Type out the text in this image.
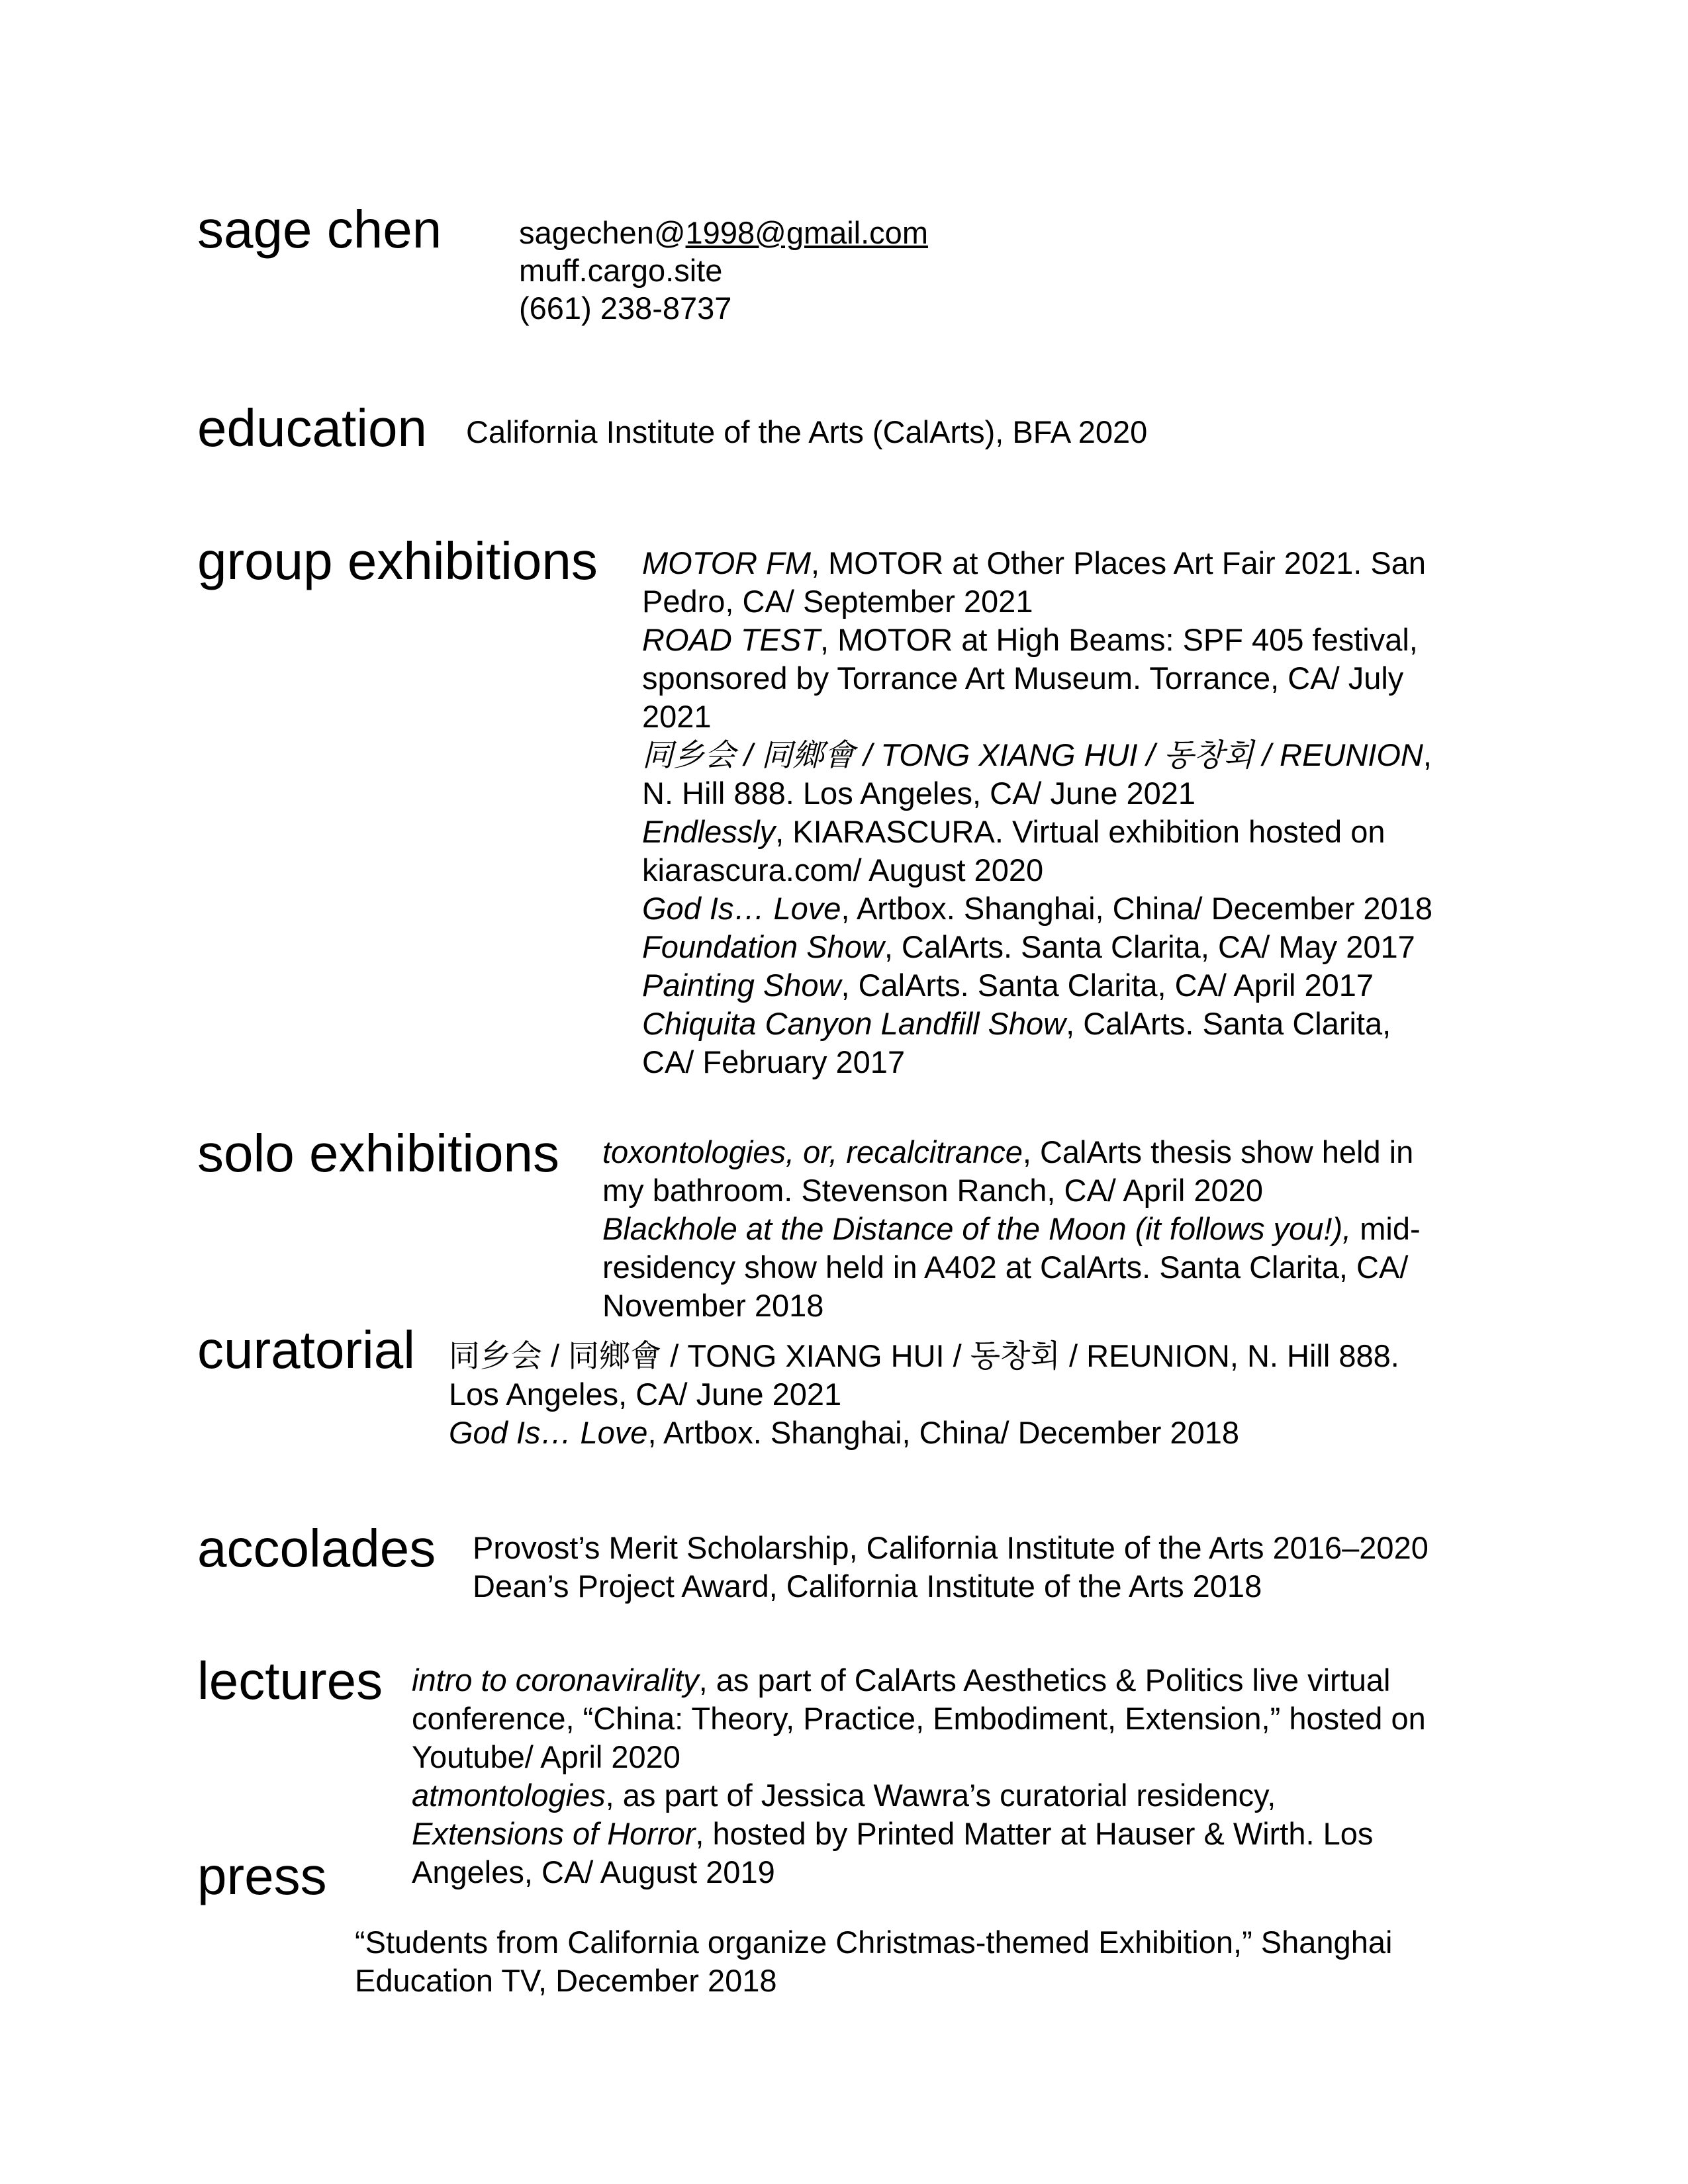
sage chen sagechen@1998@gmail.com
muff.cargo.site
(661) 238-8737
education California Institute of the Arts (CalArts), BFA 2020
group exhibitions MOTOR FM, MOTOR at Other Places Art Fair 2021. San
Pedro, CA/ September 2021
ROAD TEST, MOTOR at High Beams: SPF 405 festival,
sponsored by Torrance Art Museum. Torrance, CA/ July
2021
同乡会 / 同鄉會 / TONG XIANG HUI / 동창회 / REUNION,
N. Hill 888. Los Angeles, CA/ June 2021
Endlessly, KIARASCURA. Virtual exhibition hosted on
kiarascura.com/ August 2020
God Is… Love, Artbox. Shanghai, China/ December 2018
Foundation Show, CalArts. Santa Clarita, CA/ May 2017
Painting Show, CalArts. Santa Clarita, CA/ April 2017
Chiquita Canyon Landfill Show, CalArts. Santa Clarita,
CA/ February 2017
solo exhibitions toxontologies, or, recalcitrance, CalArts thesis show held in
my bathroom. Stevenson Ranch, CA/ April 2020
Blackhole at the Distance of the Moon (it follows you!), mid-
residency show held in A402 at CalArts. Santa Clarita, CA/
November 2018
curatorial 同乡会 / 同鄉會 / TONG XIANG HUI / 동창회 / REUNION, N. Hill 888.
Los Angeles, CA/ June 2021
God Is… Love, Artbox. Shanghai, China/ December 2018
accolades Provost’s Merit Scholarship, California Institute of the Arts 2016–2020
Dean’s Project Award, California Institute of the Arts 2018
lectures intro to coronavirality, as part of CalArts Aesthetics & Politics live virtual
conference, “China: Theory, Practice, Embodiment, Extension,” hosted on
Youtube/ April 2020
atmontologies, as part of Jessica Wawra’s curatorial residency,
Extensions of Horror, hosted by Printed Matter at Hauser & Wirth. Los
Angeles, CA/ August 2019
press
“Students from California organize Christmas-themed Exhibition,” Shanghai
Education TV, December 2018
